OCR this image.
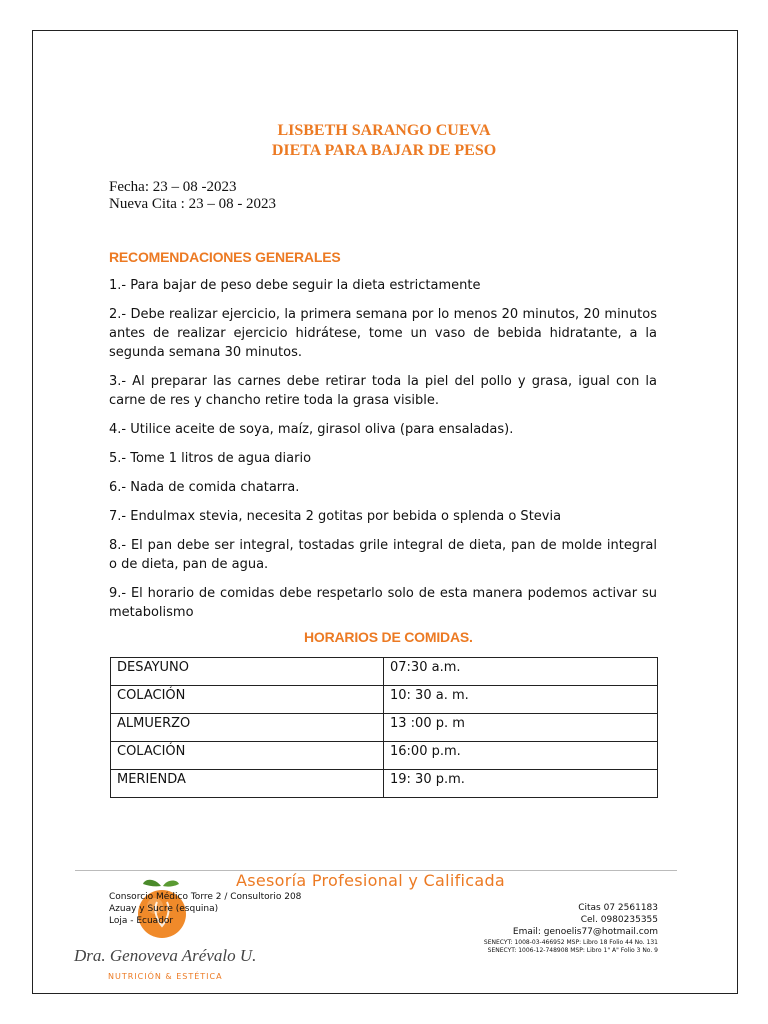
LISBETH SARANGO CUEVA
DIETA PARA BAJAR DE PESO
Fecha: 23 – 08 -2023
Nueva Cita : 23 – 08 - 2023
RECOMENDACIONES GENERALES
1.- Para bajar de peso debe seguir la dieta estrictamente
2.- Debe realizar ejercicio, la primera semana por lo menos 20 minutos, 20 minutos antes de realizar ejercicio hidrátese, tome un vaso de bebida hidratante, a la segunda semana 30 minutos.
3.- Al preparar las carnes debe retirar toda la piel del pollo y grasa, igual con la carne de res y chancho retire toda la grasa visible.
4.- Utilice aceite de soya, maíz, girasol oliva (para ensaladas).
5.- Tome 1 litros de agua diario
6.- Nada de comida chatarra.
7.- Endulmax stevia, necesita 2 gotitas por bebida o splenda o Stevia
8.- El pan debe ser integral, tostadas grile integral de dieta, pan de molde integral o de dieta, pan de agua.
9.- El horario de comidas debe respetarlo solo de esta manera podemos activar su metabolismo
HORARIOS DE COMIDAS.
DESAYUNO	07:30 a.m.
COLACIÓN	10: 30 a. m.
ALMUERZO	13 :00 p. m
COLACIÓN	16:00 p.m.
MERIENDA	19: 30 p.m.
Asesoría Profesional y Calificada
Consorcio Médico Torre 2 / Consultorio 208
Azuay y Sucre (esquina)
Loja - Ecuador
Citas 07 2561183
Cel. 0980235355
Email: genoelis77@hotmail.com
SENECYT: 1008-03-466952 MSP: Libro 18 Folio 44 No. 131
SENECYT: 1006-12-748908 MSP: Libro 1" A" Folio 3 No. 9
Dra. Genoveva Arévalo U.
NUTRICIÓN & ESTÉTICA
